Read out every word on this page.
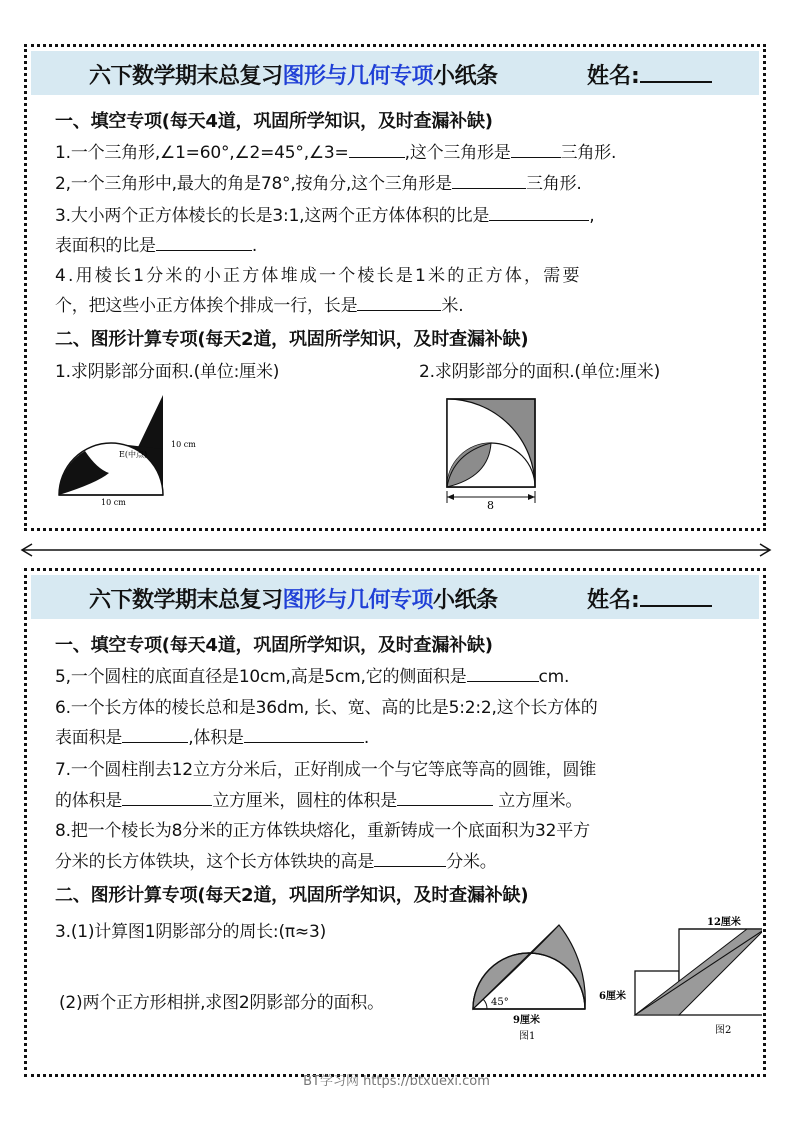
六下数学期末总复习图形与几何专项小纸条	姓名:
一、填空专项(每天4道，巩固所学知识，及时查漏补缺)
1.一个三角形,∠1=60°,∠2=45°,∠3=	,这个三角形是	三角形.
2,一个三角形中,最大的角是78°,按角分,这个三角形是	三角形.
3.大小两个正方体棱长的长是3:1,这两个正方体体积的比是	,
表面积的比是	.
4.用棱长1分米的小正方体堆成一个棱长是1米的正方体，需要
个，把这些小正方体挨个排成一行，长是	米.
二、图形计算专项(每天2道，巩固所学知识，及时查漏补缺)
1.求阴影部分面积.(单位:厘米)	2.求阴影部分的面积.(单位:厘米)
E(中点)
10 cm
10 cm	8
六下数学期末总复习图形与几何专项小纸条	姓名:
一、填空专项(每天4道，巩固所学知识，及时查漏补缺)
5,一个圆柱的底面直径是10cm,高是5cm,它的侧面积是	cm.
6.一个长方体的棱长总和是36dm, 长、宽、高的比是5:2:2,这个长方体的
表面积是	,体积是	.
7.一个圆柱削去12立方分米后，正好削成一个与它等底等高的圆锥，圆锥
的体积是	立方厘米，圆柱的体积是	立方厘米。
8.把一个棱长为8分米的正方体铁块熔化，重新铸成一个底面积为32平方
分米的长方体铁块，这个长方体铁块的高是	分米。
二、图形计算专项(每天2道，巩固所学知识，及时查漏补缺)
3.(1)计算图1阴影部分的周长:(π≈3)
(2)两个正方形相拼,求图2阴影部分的面积。	45°
9厘米
图1
12厘米
6厘米
图2
BT学习网 https://btxuexi.com
